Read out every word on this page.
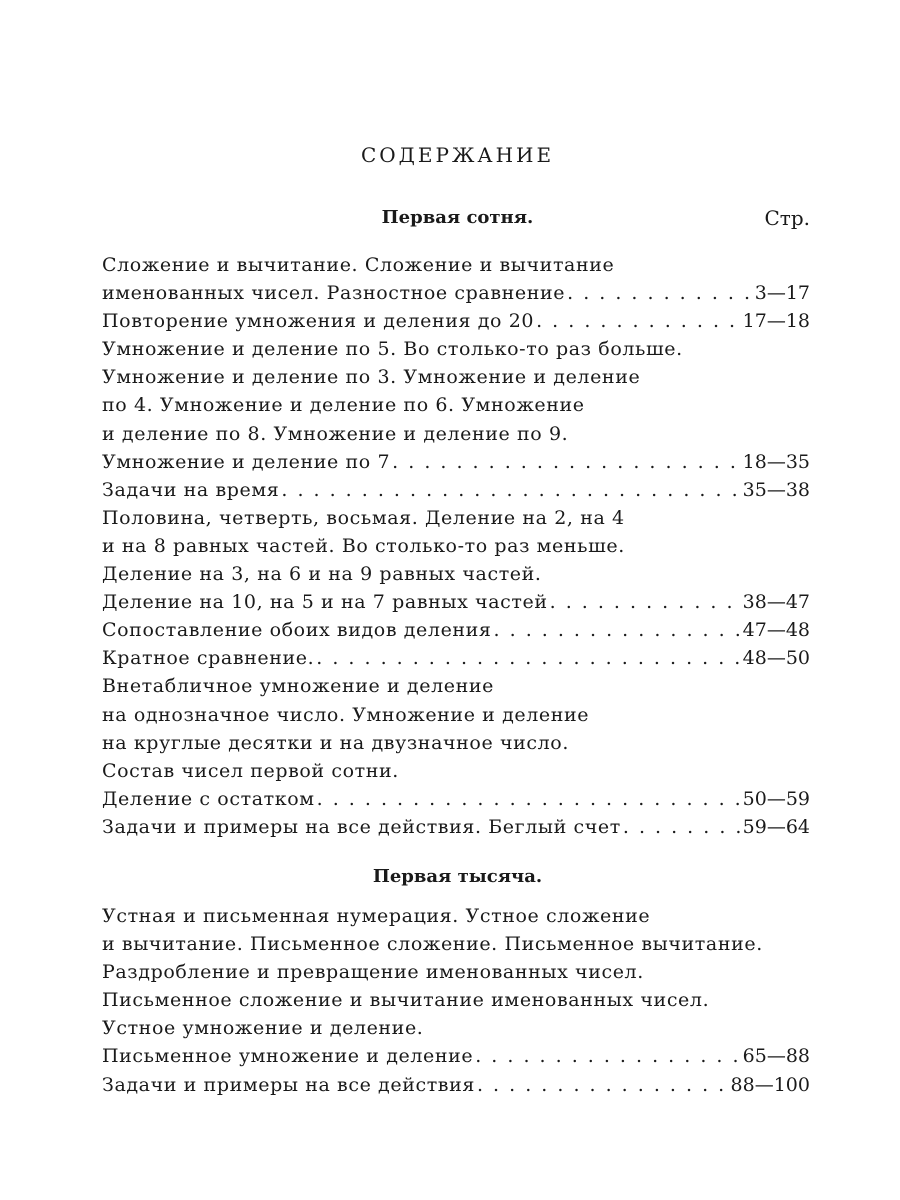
СОДЕРЖАНИЕ
Первая сотня.	Стр.
Сложение и вычитание. Сложение и вычитание
именованных чисел. Разностное сравнение . . .	3—17
Повторение умножения и деления до 20 . . .	17—18
Умножение и деление по 5. Во столько-то раз больше.
Умножение и деление по 3. Умножение и деление
по 4. Умножение и деление по 6. Умножение
и деление по 8. Умножение и деление по 9.
Умножение и деление по 7 . . .	18—35
Задачи на время . . .	35—38
Половина, четверть, восьмая. Деление на 2, на 4
и на 8 равных частей. Во столько-то раз меньше.
Деление на 3, на 6 и на 9 равных частей.
Деление на 10, на 5 и на 7 равных частей . . .	38—47
Сопоставление обоих видов деления . . .	47—48
Кратное сравнение. . . .	48—50
Внетабличное умножение и деление
на однозначное число. Умножение и деление
на круглые десятки и на двузначное число.
Состав чисел первой сотни.
Деление с остатком . . .	50—59
Задачи и примеры на все действия. Беглый счет . . .	59—64
Первая тысяча.
Устная и письменная нумерация. Устное сложение
и вычитание. Письменное сложение. Письменное вычитание.
Раздробление и превращение именованных чисел.
Письменное сложение и вычитание именованных чисел.
Устное умножение и деление.
Письменное умножение и деление . . .	65—88
Задачи и примеры на все действия . . .	88—100
